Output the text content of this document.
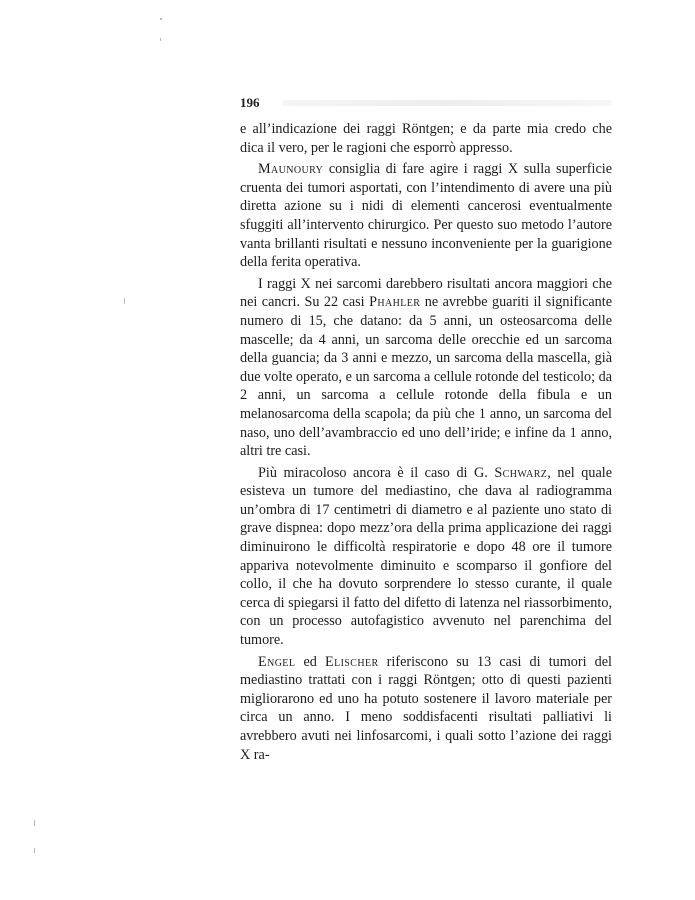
196

e all’indicazione dei raggi Röntgen; e da parte mia credo che dica il vero, per le ragioni che esporrò appresso.

Maunoury consiglia di fare agire i raggi X sulla superficie cruenta dei tumori asportati, con l’intendimento di avere una più diretta azione su i nidi di elementi cancerosi eventualmente sfuggiti all’intervento chirurgico. Per questo suo metodo l’autore vanta brillanti risultati e nessuno inconveniente per la guarigione della ferita operativa.

I raggi X nei sarcomi darebbero risultati ancora maggiori che nei cancri. Su 22 casi Phahler ne avrebbe guariti il significante numero di 15, che datano: da 5 anni, un osteosarcoma delle mascelle; da 4 anni, un sarcoma delle orecchie ed un sarcoma della guancia; da 3 anni e mezzo, un sarcoma della mascella, già due volte operato, e un sarcoma a cellule rotonde del testicolo; da 2 anni, un sarcoma a cellule rotonde della fibula e un melanosarcoma della scapola; da più che 1 anno, un sarcoma del naso, uno dell’avambraccio ed uno dell’iride; e infine da 1 anno, altri tre casi.

Più miracoloso ancora è il caso di G. Schwarz, nel quale esisteva un tumore del mediastino, che dava al radiogramma un’ombra di 17 centimetri di diametro e al paziente uno stato di grave dispnea: dopo mezz’ora della prima applicazione dei raggi diminuirono le difficoltà respiratorie e dopo 48 ore il tumore appariva notevolmente diminuito e scomparso il gonfiore del collo, il che ha dovuto sorprendere lo stesso curante, il quale cerca di spiegarsi il fatto del difetto di latenza nel riassorbimento, con un processo autofagistico avvenuto nel parenchima del tumore.

Engel ed Elischer riferiscono su 13 casi di tumori del mediastino trattati con i raggi Röntgen; otto di questi pazienti migliorarono ed uno ha potuto sostenere il lavoro materiale per circa un anno. I meno soddisfacenti risultati palliativi li avrebbero avuti nei linfosarcomi, i quali sotto l’azione dei raggi X ra-
